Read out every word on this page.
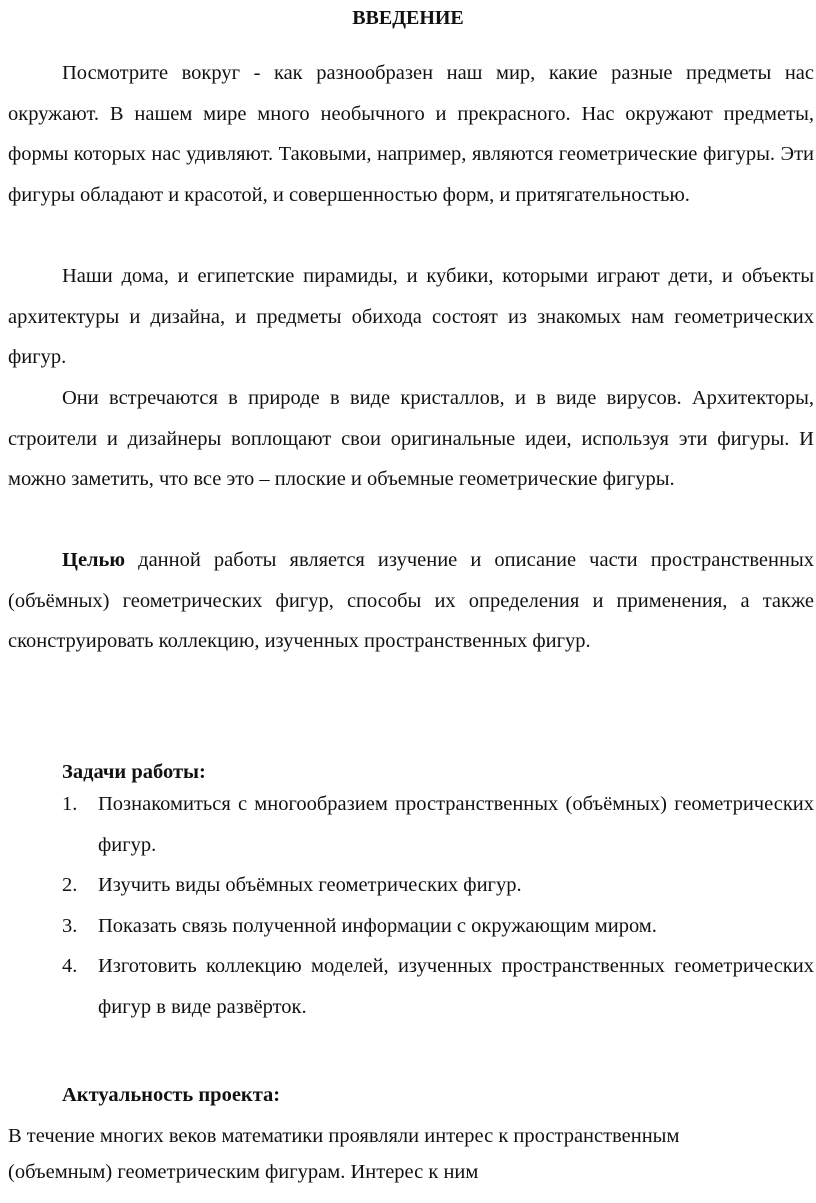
ВВЕДЕНИЕ

Посмотрите вокруг - как разнообразен наш мир, какие разные предметы нас окружают. В нашем мире много необычного и прекрасного. Нас окружают предметы, формы которых нас удивляют. Таковыми, например, являются геометрические фигуры. Эти фигуры обладают и красотой, и совершенностью форм, и притягательностью.

Наши дома, и египетские пирамиды, и кубики, которыми играют дети, и объекты архитектуры и дизайна, и предметы обихода состоят из знакомых нам геометрических фигур.

Они встречаются в природе в виде кристаллов, и в виде вирусов. Архитекторы, строители и дизайнеры воплощают свои оригинальные идеи, используя эти фигуры. И можно заметить, что все это – плоские и объемные геометрические фигуры.

Целью данной работы является изучение и описание части пространственных (объёмных) геометрических фигур, способы их определения и применения, а также сконструировать коллекцию, изученных пространственных фигур.

Задачи работы:

1. Познакомиться с многообразием пространственных (объёмных) геометрических фигур.
2. Изучить виды объёмных геометрических фигур.
3. Показать связь полученной информации с окружающим миром.
4. Изготовить коллекцию моделей, изученных пространственных геометрических фигур в виде развёрток.

Актуальность проекта:

В течение многих веков математики проявляли интерес к пространственным
(объемным) геометрическим фигурам. Интерес к ним
